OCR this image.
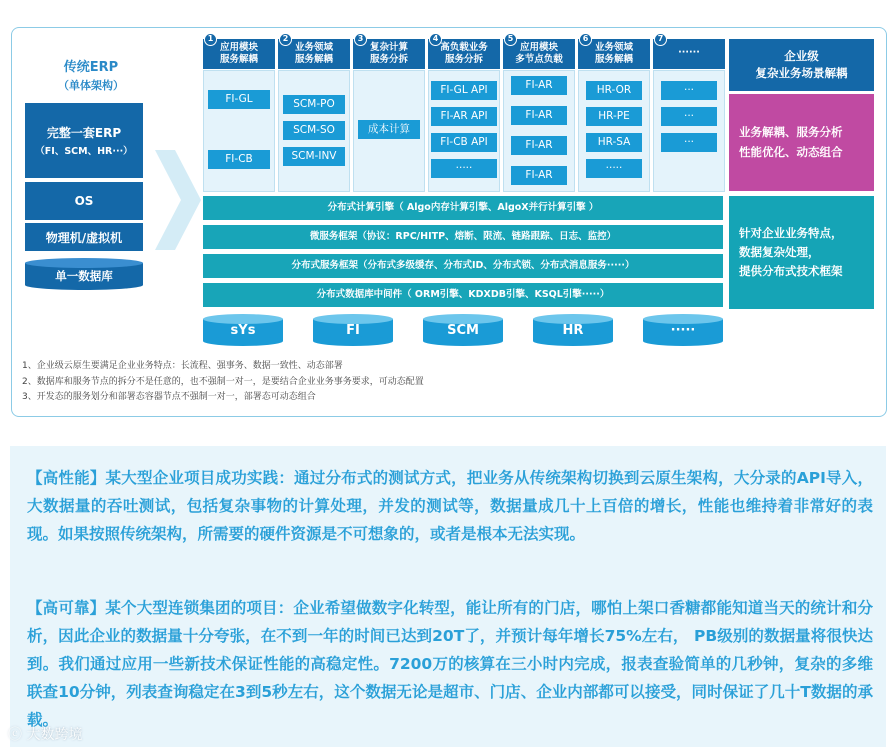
传统ERP
（单体架构）
完整一套ERP
（FI、SCM、HR···）
OS
物理机/虚拟机
单一数据库
应用模块
服务解耦
1
FI-GL
FI-CB
业务领域
服务解耦
2
SCM-PO
SCM-SO
SCM-INV
复杂计算
服务分拆
3
成本计算
高负载业务
服务分拆
4
FI-GL API
FI-AR API
FI-CB API
·····
应用模块
多节点负载
5
FI-AR
FI-AR
FI-AR
FI-AR
业务领域
服务解耦
6
HR-OR
HR-PE
HR-SA
·····
······
7
···
···
···
企业级
复杂业务场景解耦
业务解耦、服务分析
性能优化、动态组合
针对企业业务特点，
数据复杂处理，
提供分布式技术框架
分布式计算引擎（ Algo内存计算引擎、AlgoX并行计算引擎 ）
微服务框架（协议：RPC/HITP、熔断、限流、链路跟踪、日志、监控）
分布式服务框架（分布式多级缓存、分布式ID、分布式锁、分布式消息服务·····）
分布式数据库中间件（ ORM引擎、KDXDB引擎、KSQL引擎·····）
sYs	FI	SCM	HR	·····
1、企业级云原生要满足企业业务特点：长流程、强事务、数据一致性、动态部署
2、数据库和服务节点的拆分不是任意的，也不强制一对一，是要结合企业业务事务要求，可动态配置
3、开发态的服务划分和部署态容器节点不强制一对一，部署态可动态组合
【高性能】某大型企业项目成功实践：通过分布式的测试方式，把业务从传统架构切换到云原生架构，大分录的API导入，大数据量的吞吐测试，包括复杂事物的计算处理，并发的测试等，数据量成几十上百倍的增长，性能也维持着非常好的表现。如果按照传统架构，所需要的硬件资源是不可想象的，或者是根本无法实现。
【高可靠】某个大型连锁集团的项目：企业希望做数字化转型，能让所有的门店，哪怕上架口香糖都能知道当天的统计和分析，因此企业的数据量十分夸张，在不到一年的时间已达到20T了，并预计每年增长75%左右， PB级别的数据量将很快达到。我们通过应用一些新技术保证性能的高稳定性。7200万的核算在三小时内完成，报表查验简单的几秒钟，复杂的多维联查10分钟，列表查询稳定在3到5秒左右，这个数据无论是超市、门店、企业内部都可以接受，同时保证了几十T数据的承载。
ⓒ 大数跨境
